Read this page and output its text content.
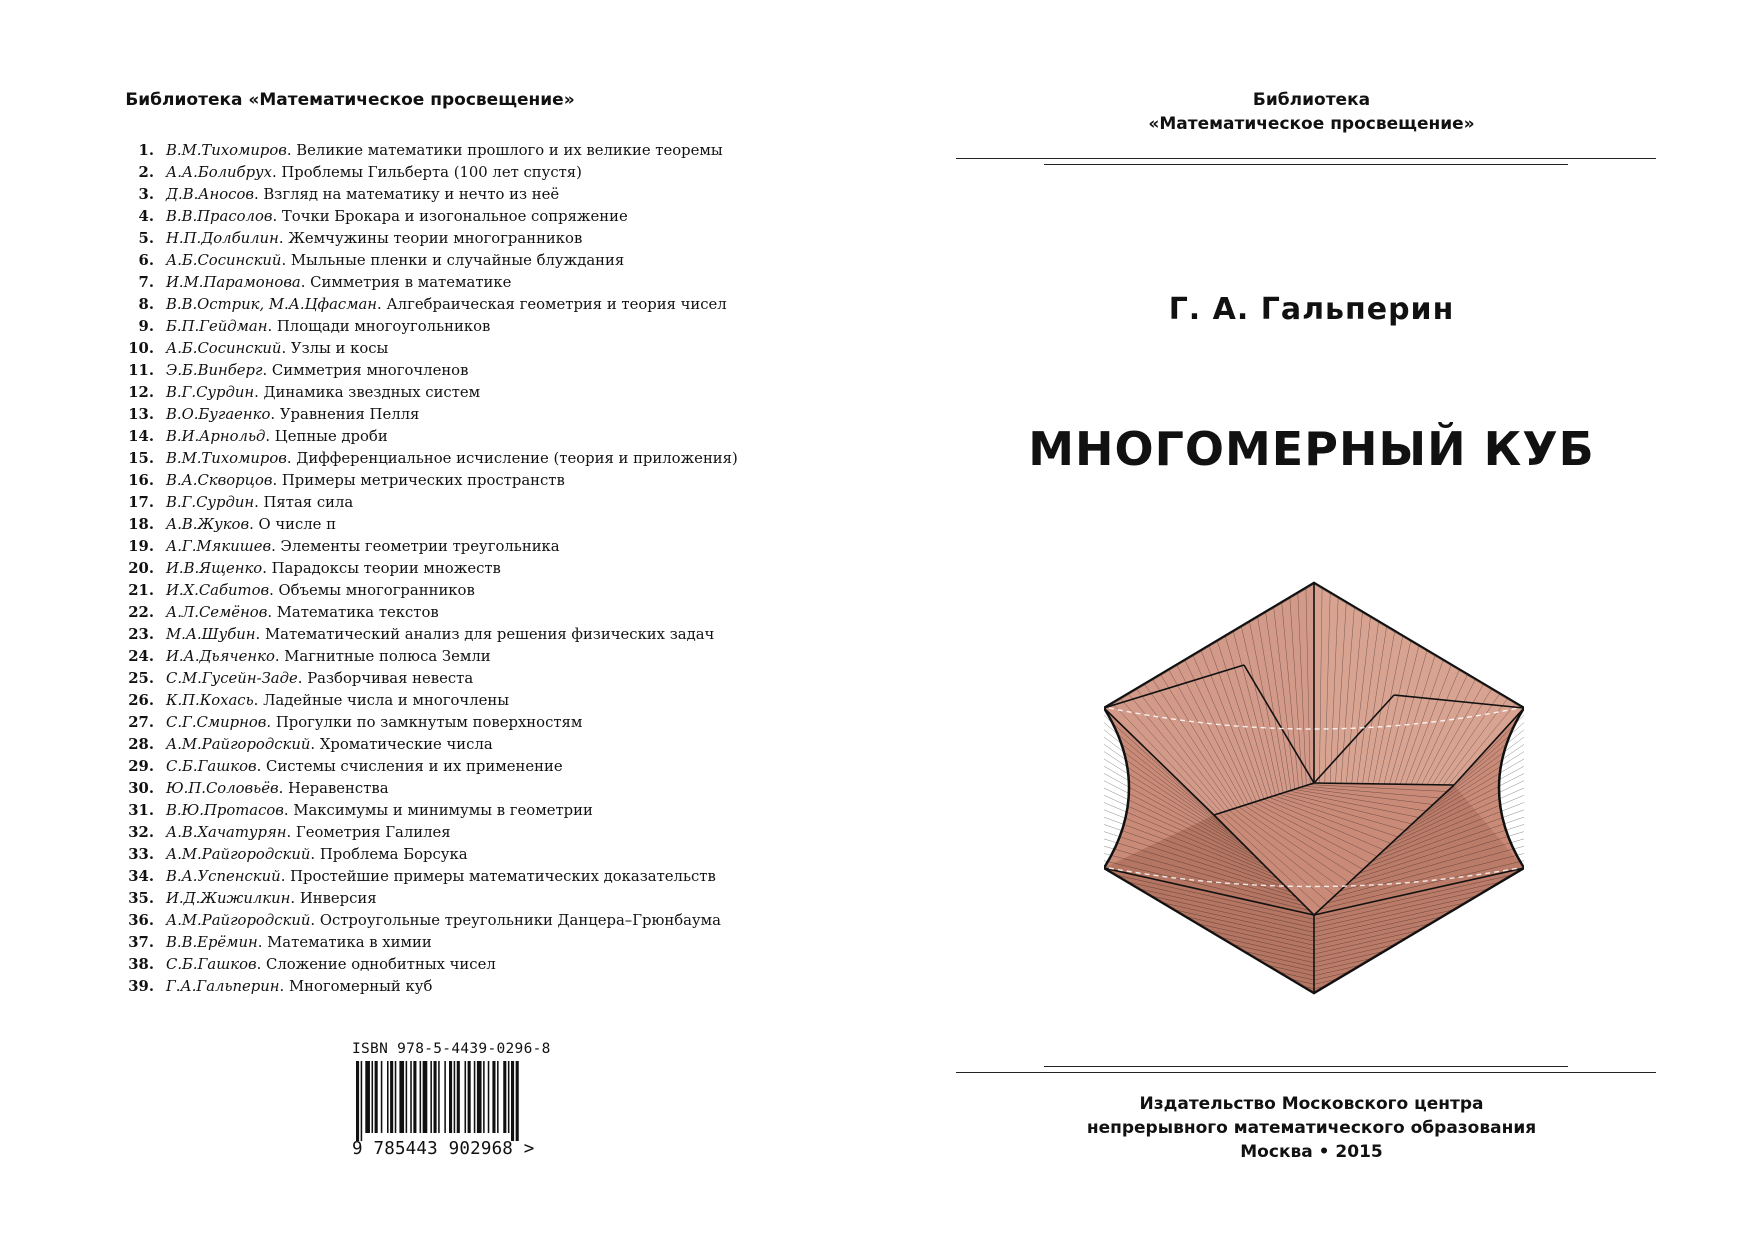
Библиотека «Математическое просвещение»
1. В.М.Тихомиров. Великие математики прошлого и их великие теоремы
2. А.А.Болибрух. Проблемы Гильберта (100 лет спустя)
3. Д.В.Аносов. Взгляд на математику и нечто из неё
4. В.В.Прасолов. Точки Брокара и изогональное сопряжение
5. Н.П.Долбилин. Жемчужины теории многогранников
6. А.Б.Сосинский. Мыльные пленки и случайные блуждания
7. И.М.Парамонова. Симметрия в математике
8. В.В.Острик, М.А.Цфасман. Алгебраическая геометрия и теория чисел
9. Б.П.Гейдман. Площади многоугольников
10. А.Б.Сосинский. Узлы и косы
11. Э.Б.Винберг. Симметрия многочленов
12. В.Г.Сурдин. Динамика звездных систем
13. В.О.Бугаенко. Уравнения Пелля
14. В.И.Арнольд. Цепные дроби
15. В.М.Тихомиров. Дифференциальное исчисление (теория и приложения)
16. В.А.Скворцов. Примеры метрических пространств
17. В.Г.Сурдин. Пятая сила
18. А.В.Жуков. О числе π
19. А.Г.Мякишев. Элементы геометрии треугольника
20. И.В.Ященко. Парадоксы теории множеств
21. И.Х.Сабитов. Объемы многогранников
22. А.Л.Семёнов. Математика текстов
23. М.А.Шубин. Математический анализ для решения физических задач
24. И.А.Дьяченко. Магнитные полюса Земли
25. С.М.Гусейн-Заде. Разборчивая невеста
26. К.П.Кохась. Ладейные числа и многочлены
27. С.Г.Смирнов. Прогулки по замкнутым поверхностям
28. А.М.Райгородский. Хроматические числа
29. С.Б.Гашков. Системы счисления и их применение
30. Ю.П.Соловьёв. Неравенства
31. В.Ю.Протасов. Максимумы и минимумы в геометрии
32. А.В.Хачатурян. Геометрия Галилея
33. А.М.Райгородский. Проблема Борсука
34. В.А.Успенский. Простейшие примеры математических доказательств
35. И.Д.Жижилкин. Инверсия
36. А.М.Райгородский. Остроугольные треугольники Данцера–Грюнбаума
37. В.В.Ерёмин. Математика в химии
38. С.Б.Гашков. Сложение однобитных чисел
39. Г.А.Гальперин. Многомерный куб
ISBN 978-5-4439-0296-8
9 785443 902968 >
Библиотека
«Математическое просвещение»
Г. А. Гальперин
МНОГОМЕРНЫЙ КУБ
Издательство Московского центра
непрерывного математического образования
Москва • 2015
